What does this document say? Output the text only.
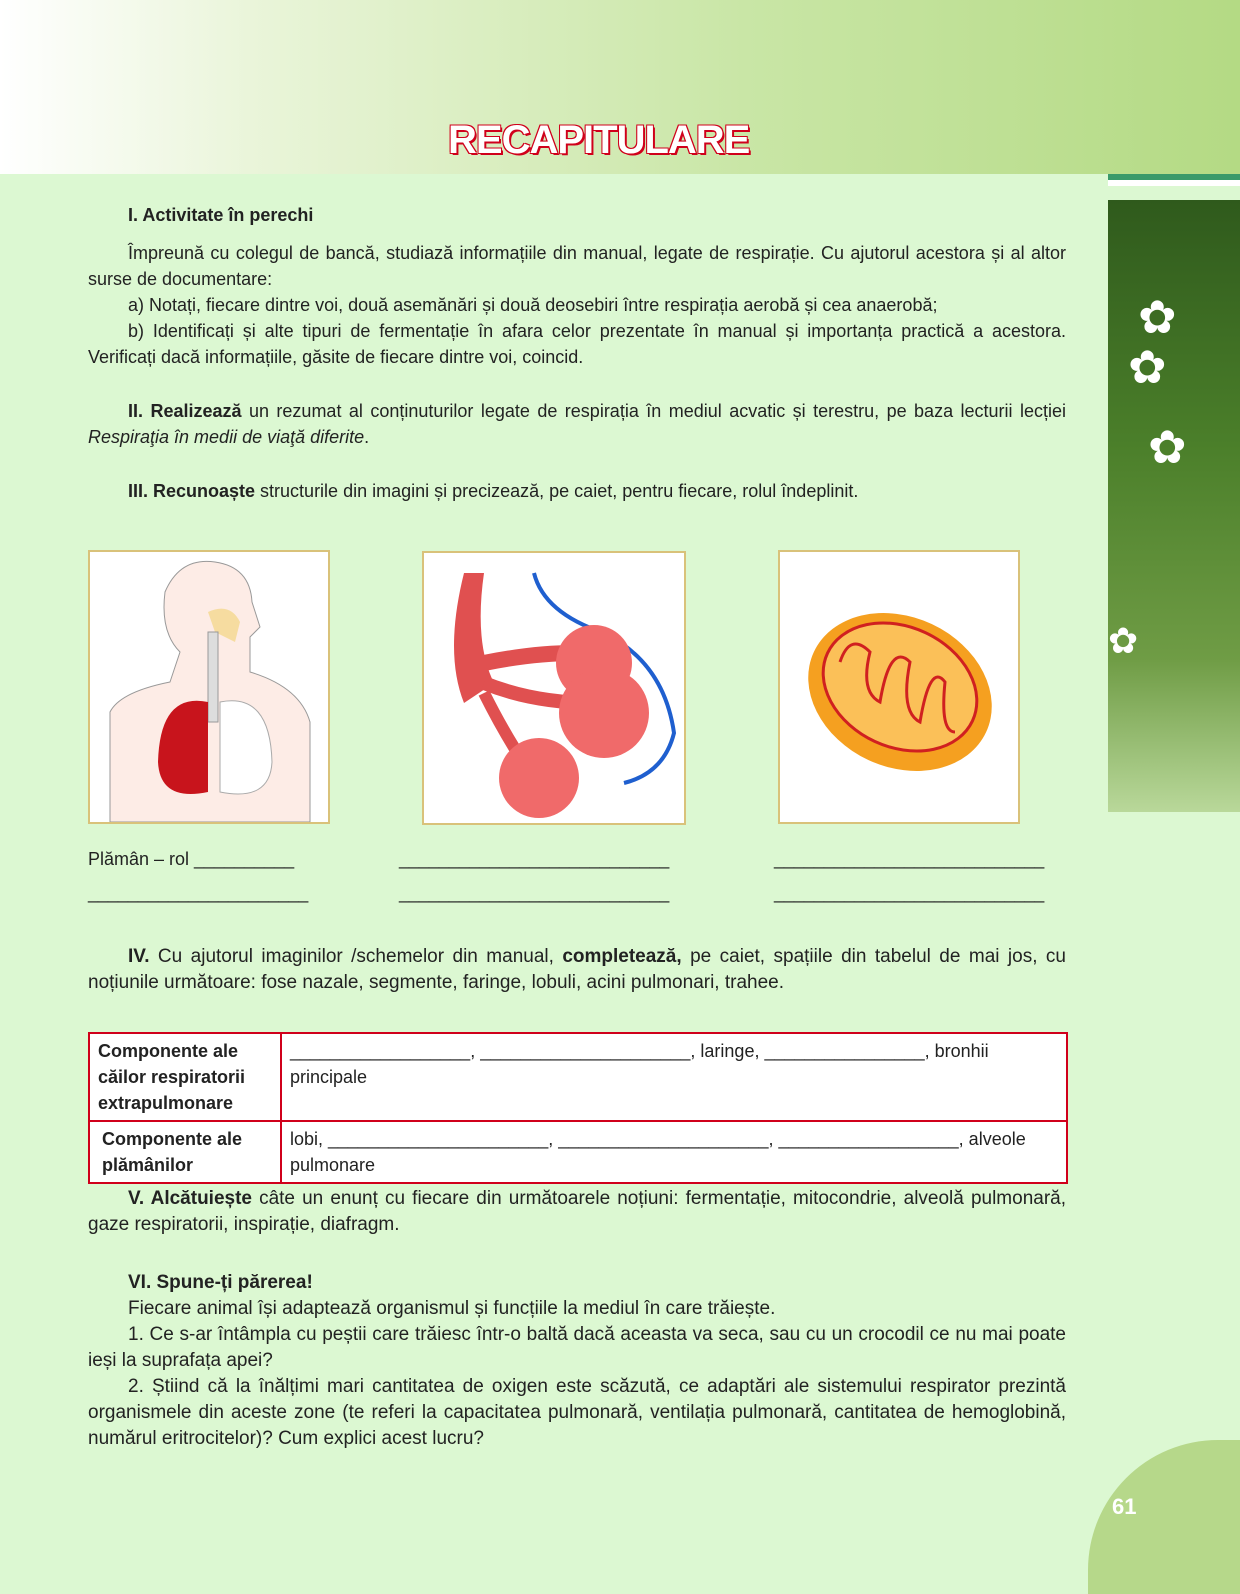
RECAPITULARE
✿
✿
✿
✿
I. Activitate în perechi
Împreună cu colegul de bancă, studiază informațiile din manual, legate de respirație. Cu ajutorul acestora și al altor surse de documentare:
a) Notați, fiecare dintre voi, două asemănări și două deosebiri între respirația aerobă și cea anaerobă;
b) Identificați și alte tipuri de fermentație în afara celor prezentate în manual și importanța practică a acestora. Verificați dacă informațiile, găsite de fiecare dintre voi, coincid.
II. Realizează un rezumat al conținuturilor legate de respirația în mediul acvatic și terestru, pe baza lecturii lecției Respiraţia în medii de viaţă diferite.
III. Recunoaște structurile din imagini și precizează, pe caiet, pentru fiecare, rolul îndeplinit.
Plămân – rol __________
______________________
___________________________
___________________________
___________________________
___________________________
IV. Cu ajutorul imaginilor /schemelor din manual, completează, pe caiet, spațiile din tabelul de mai jos, cu noțiunile următoare: fose nazale, segmente, faringe, lobuli, acini pulmonari, trahee.
Componente ale căilor respiratorii extrapulmonare	__________________, _____________________, laringe, ________________, bronhii principale
Componente ale plămânilor	lobi, ______________________, _____________________, __________________, alveole pulmonare
V. Alcătuiește câte un enunț cu fiecare din următoarele noțiuni: fermentație, mitocondrie, alveolă pulmonară, gaze respiratorii, inspirație, diafragm.
VI. Spune-ți părerea!
Fiecare animal își adaptează organismul și funcțiile la mediul în care trăiește.
1. Ce s-ar întâmpla cu peștii care trăiesc într-o baltă dacă aceasta va seca, sau cu un crocodil ce nu mai poate ieși la suprafața apei?
2. Știind că la înălțimi mari cantitatea de oxigen este scăzută, ce adaptări ale sistemului respirator prezintă organismele din aceste zone (te referi la capacitatea pulmonară, ventilația pulmonară, cantitatea de hemoglobină, numărul eritrocitelor)? Cum explici acest lucru?
61
